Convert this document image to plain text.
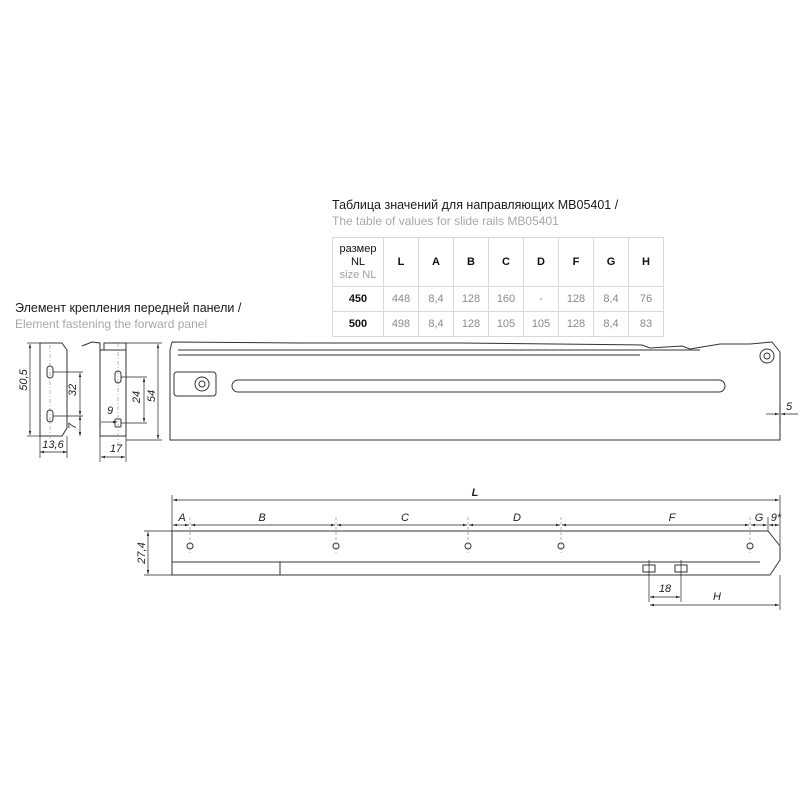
Таблица значений для направляющих MB05401 /
The table of values for slide rails MB05401
размер
NL
size NL	L	A	B	C	D	F	G	H
450	448	8,4	128	160	-	128	8,4	76
500	498	8,4	128	105	105	128	8,4	83
Элемент крепления передней панели /
Element fastening the forward panel
50,5	32
7
13,6
24 54
9
17
5
L
A	B	C	D	F	G 9*
27,4
18
H
